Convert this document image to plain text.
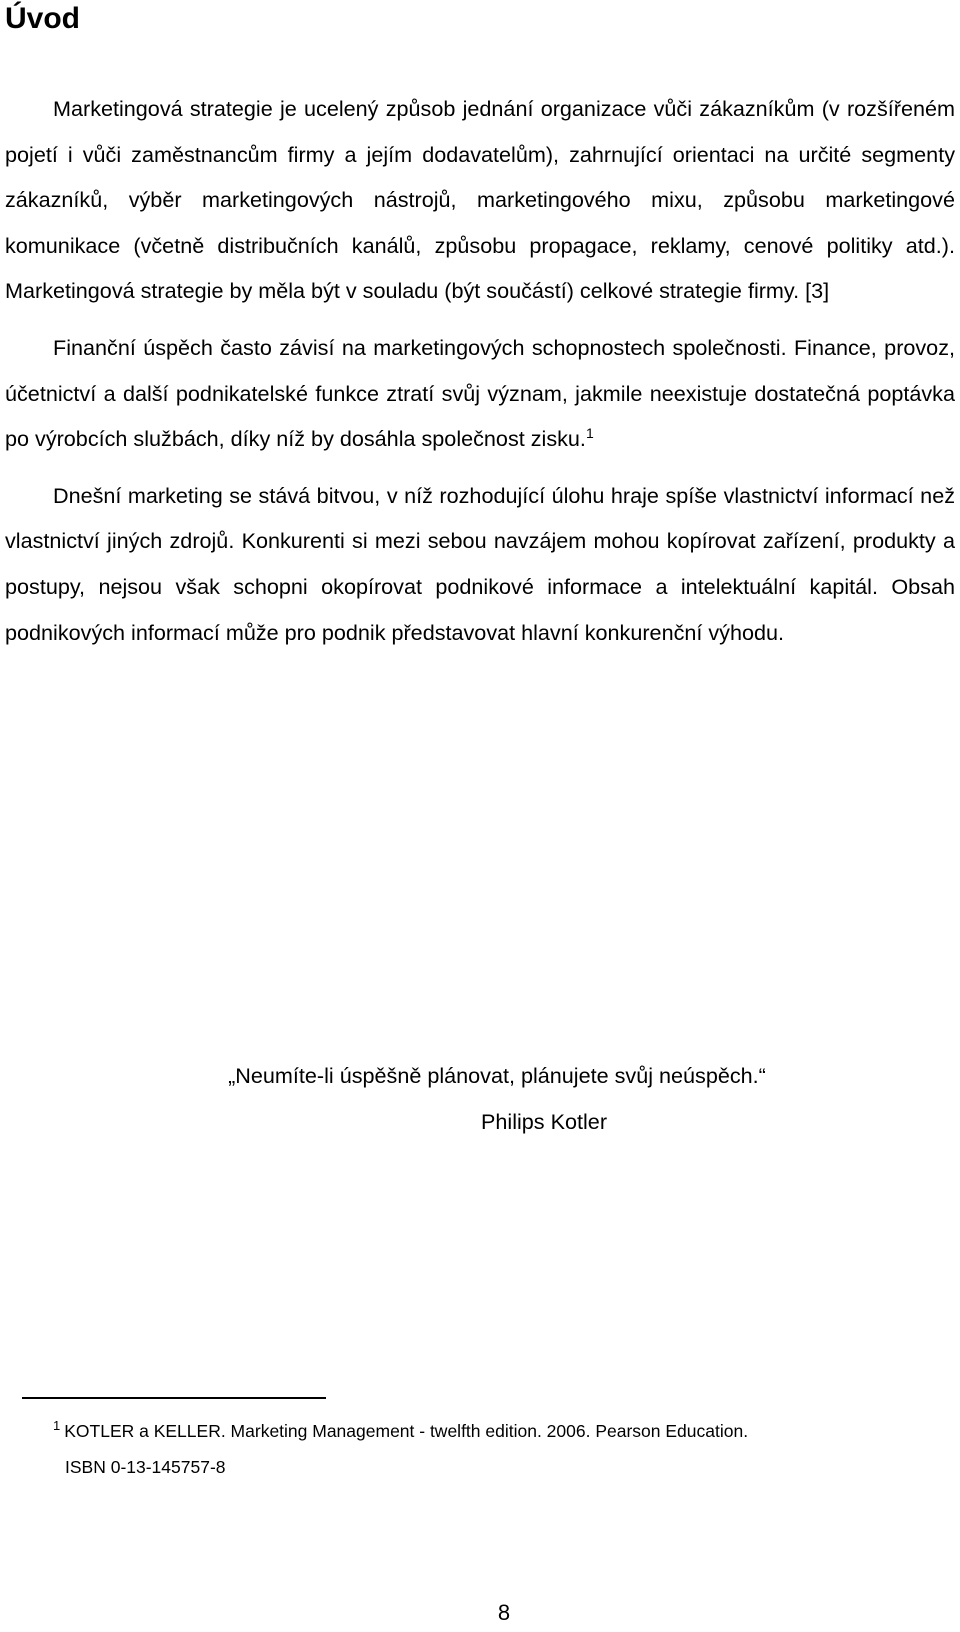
Úvod

Marketingová strategie je ucelený způsob jednání organizace vůči zákazníkům (v rozšířeném pojetí i vůči zaměstnancům firmy a jejím dodavatelům), zahrnující orientaci na určité segmenty zákazníků, výběr marketingových nástrojů, marketingového mixu, způsobu marketingové komunikace (včetně distribučních kanálů, způsobu propagace, reklamy, cenové politiky atd.). Marketingová strategie by měla být v souladu (být součástí) celkové strategie firmy. [3]

Finanční úspěch často závisí na marketingových schopnostech společnosti. Finance, provoz, účetnictví a další podnikatelské funkce ztratí svůj význam, jakmile neexistuje dostatečná poptávka po výrobcích službách, díky níž by dosáhla společnost zisku.$^1$

Dnešní marketing se stává bitvou, v níž rozhodující úlohu hraje spíše vlastnictví informací než vlastnictví jiných zdrojů. Konkurenti si mezi sebou navzájem mohou kopírovat zařízení, produkty a postupy, nejsou však schopni okopírovat podnikové informace a intelektuální kapitál. Obsah podnikových informací může pro podnik představovat hlavní konkurenční výhodu.

„Neumíte-li úspěšně plánovat, plánujete svůj neúspěch.“
Philips Kotler
$^1$ KOTLER a KELLER. Marketing Management - twelfth edition. 2006. Pearson Education.
ISBN 0-13-145757-8
8
